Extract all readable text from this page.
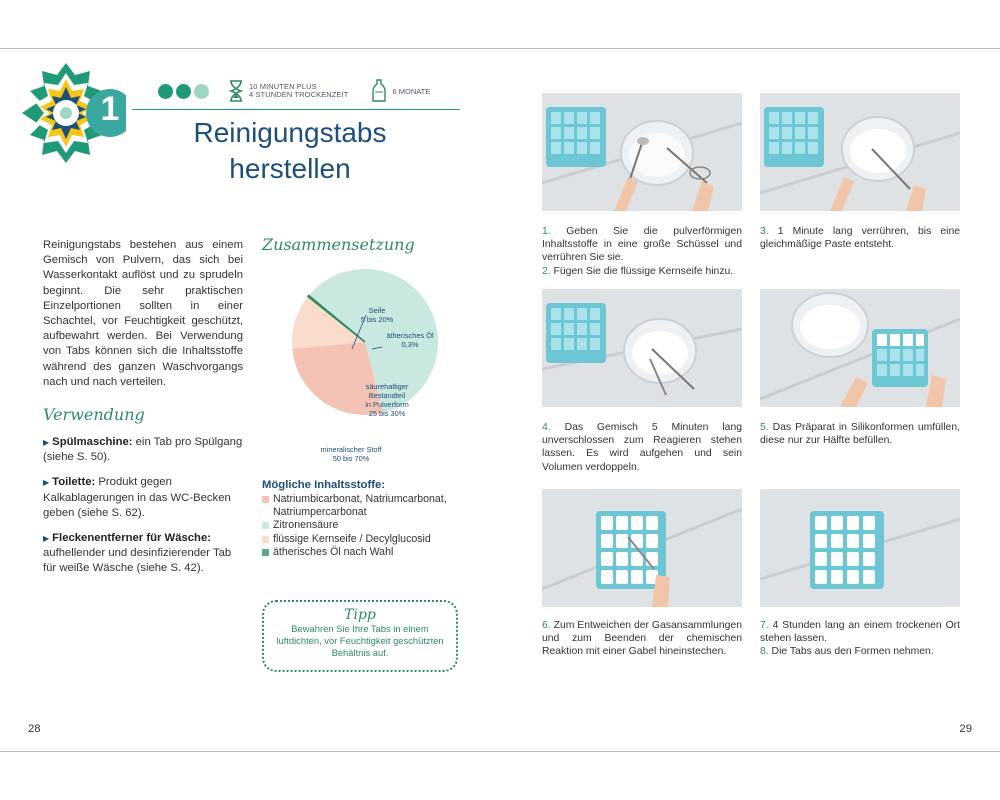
1
10 MINUTEN PLUS
4 STUNDEN TROCKENZEIT	6 MONATE
Reinigungstabs
herstellen

Reinigungstabs bestehen aus einem Gemisch von Pulvern, das sich bei Wasserkontakt auflöst und zu sprudeln beginnt. Die sehr praktischen Einzelportionen sollten in einer Schachtel, vor Feuchtigkeit geschützt, aufbewahrt werden. Bei Verwendung von Tabs können sich die Inhaltsstoffe während des ganzen Waschvorgangs nach und nach verteilen.

Verwendung

▶ Spülmaschine: ein Tab pro Spülgang (siehe S. 50).

▶ Toilette: Produkt gegen Kalkablagerungen in das WC-Becken geben (siehe S. 62).

▶ Fleckenentferner für Wäsche: aufhellender und desinfizierender Tab für weiße Wäsche (siehe S. 42).

Zusammensetzung
Seife
5 bis 20%
ätherisches Öl
0,3%
säurehaltiger
Bestandteil
in Pulverform
25 bis 30%
mineralischer Stoff
50 bis 70%
Mögliche Inhaltsstoffe:
Natriumbicarbonat, Natriumcarbonat, Natriumpercarbonat
Zitronensäure
flüssige Kernseife / Decylglucosid
ätherisches Öl nach Wahl
Tipp
Bewahren Sie Ihre Tabs in einem luftdichten, vor Feuchtigkeit geschützten Behältnis auf.
28
1. Geben Sie die pulverförmigen Inhaltsstoffe in eine große Schüssel und verrühren Sie sie.
2. Fügen Sie die flüssige Kernseife hinzu.
3. 1 Minute lang verrühren, bis eine gleichmäßige Paste entsteht.
4. Das Gemisch 5 Minuten lang unverschlossen zum Reagieren stehen lassen. Es wird aufgehen und sein Volumen verdoppeln.
5. Das Präparat in Silikonformen umfüllen, diese nur zur Hälfte befüllen.
6. Zum Entweichen der Gasansammlungen und zum Beenden der chemischen Reaktion mit einer Gabel hineinstechen.
7. 4 Stunden lang an einem trockenen Ort stehen lassen.
8. Die Tabs aus den Formen nehmen.
29
